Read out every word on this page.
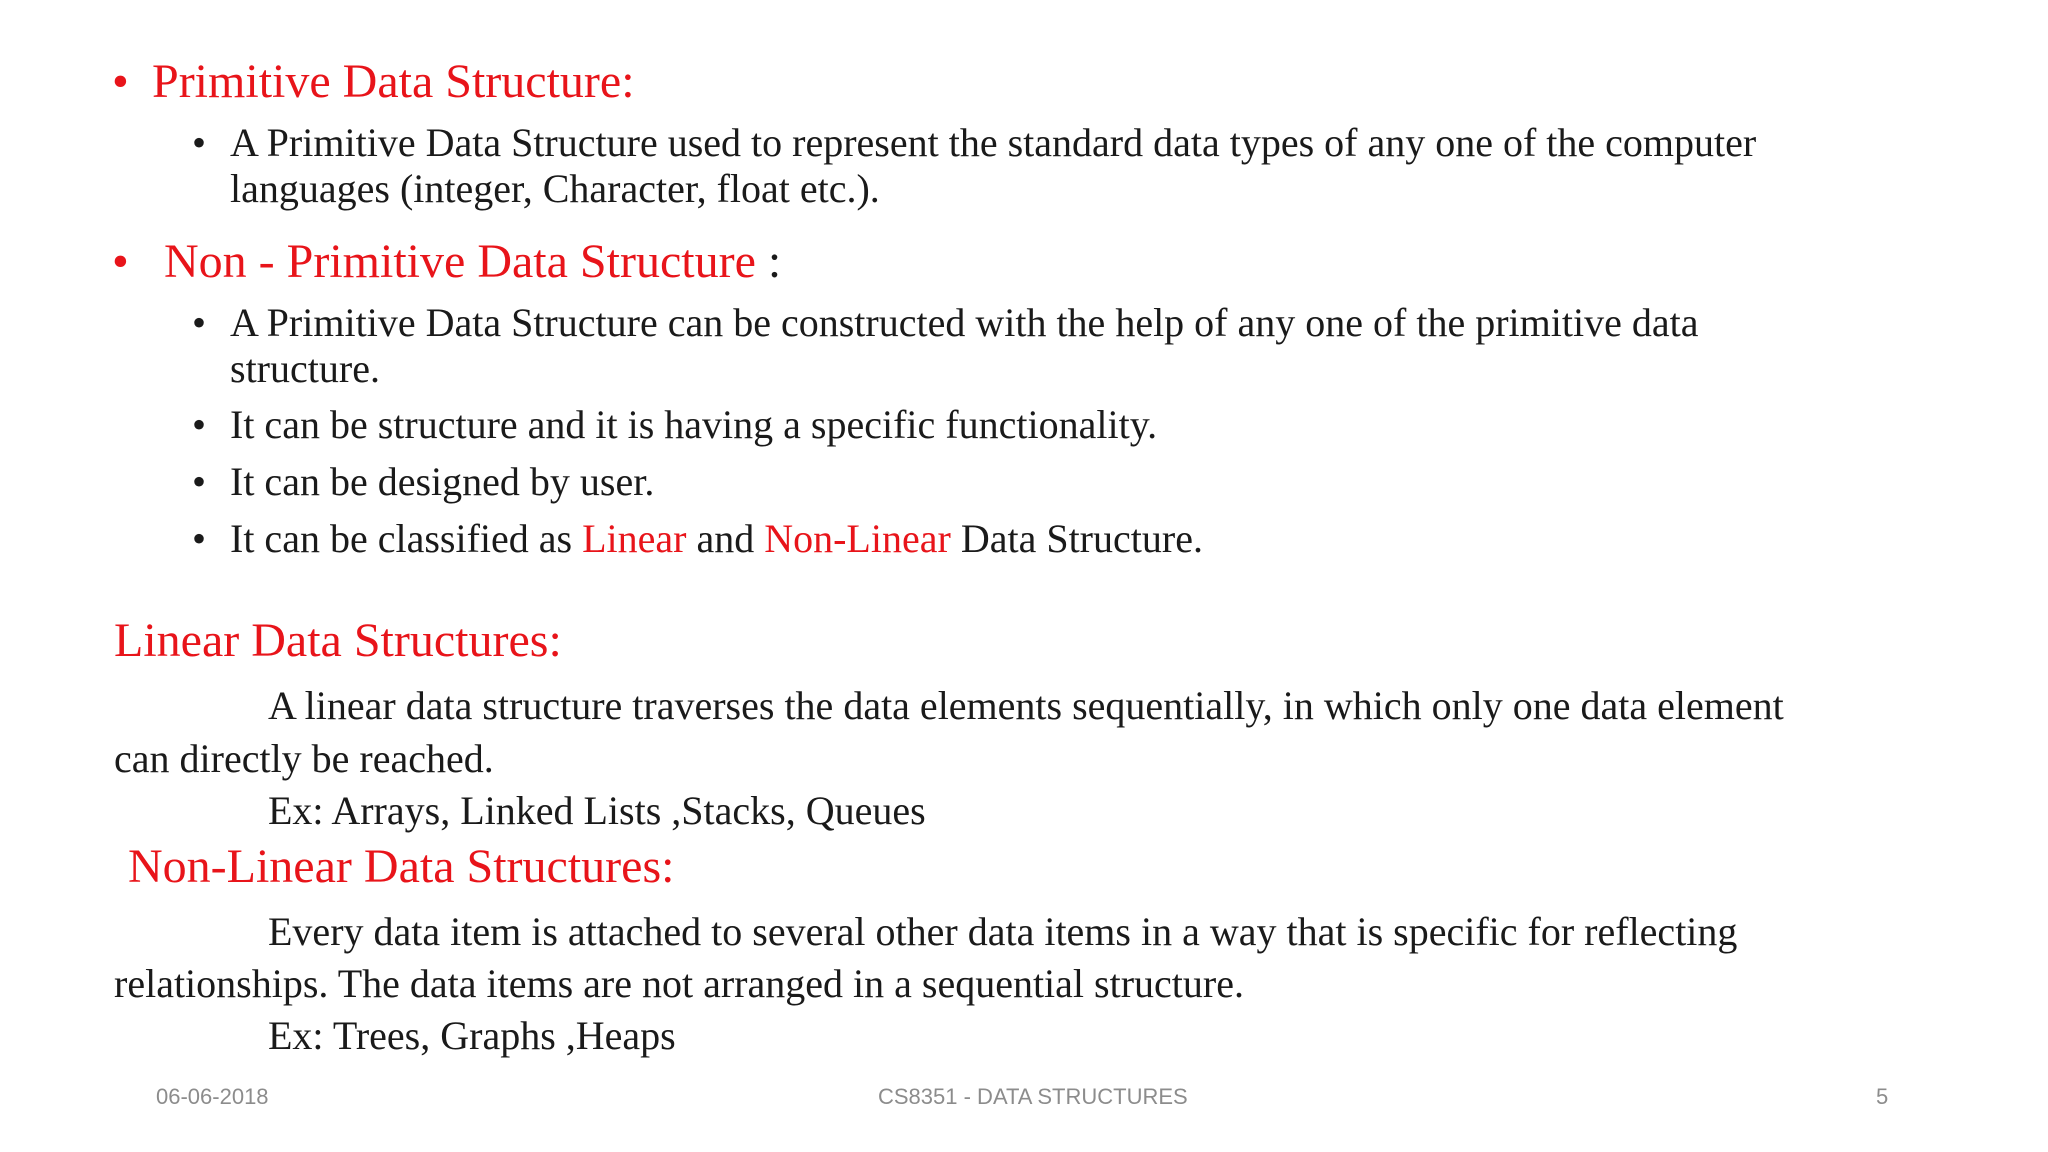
• Primitive Data Structure:
• A Primitive Data Structure used to represent the standard data types of any one of the computer
languages (integer, Character, float etc.).
• Non - Primitive Data Structure :
• A Primitive Data Structure can be constructed with the help of any one of the primitive data
structure.
• It can be structure and it is having a specific functionality.
• It can be designed by user.
• It can be classified as Linear and Non-Linear Data Structure.
Linear Data Structures:
A linear data structure traverses the data elements sequentially, in which only one data element
can directly be reached.
Ex: Arrays, Linked Lists ,Stacks, Queues
Non-Linear Data Structures:
Every data item is attached to several other data items in a way that is specific for reflecting
relationships. The data items are not arranged in a sequential structure.
Ex: Trees, Graphs ,Heaps
06-06-2018	CS8351 - DATA STRUCTURES	5
